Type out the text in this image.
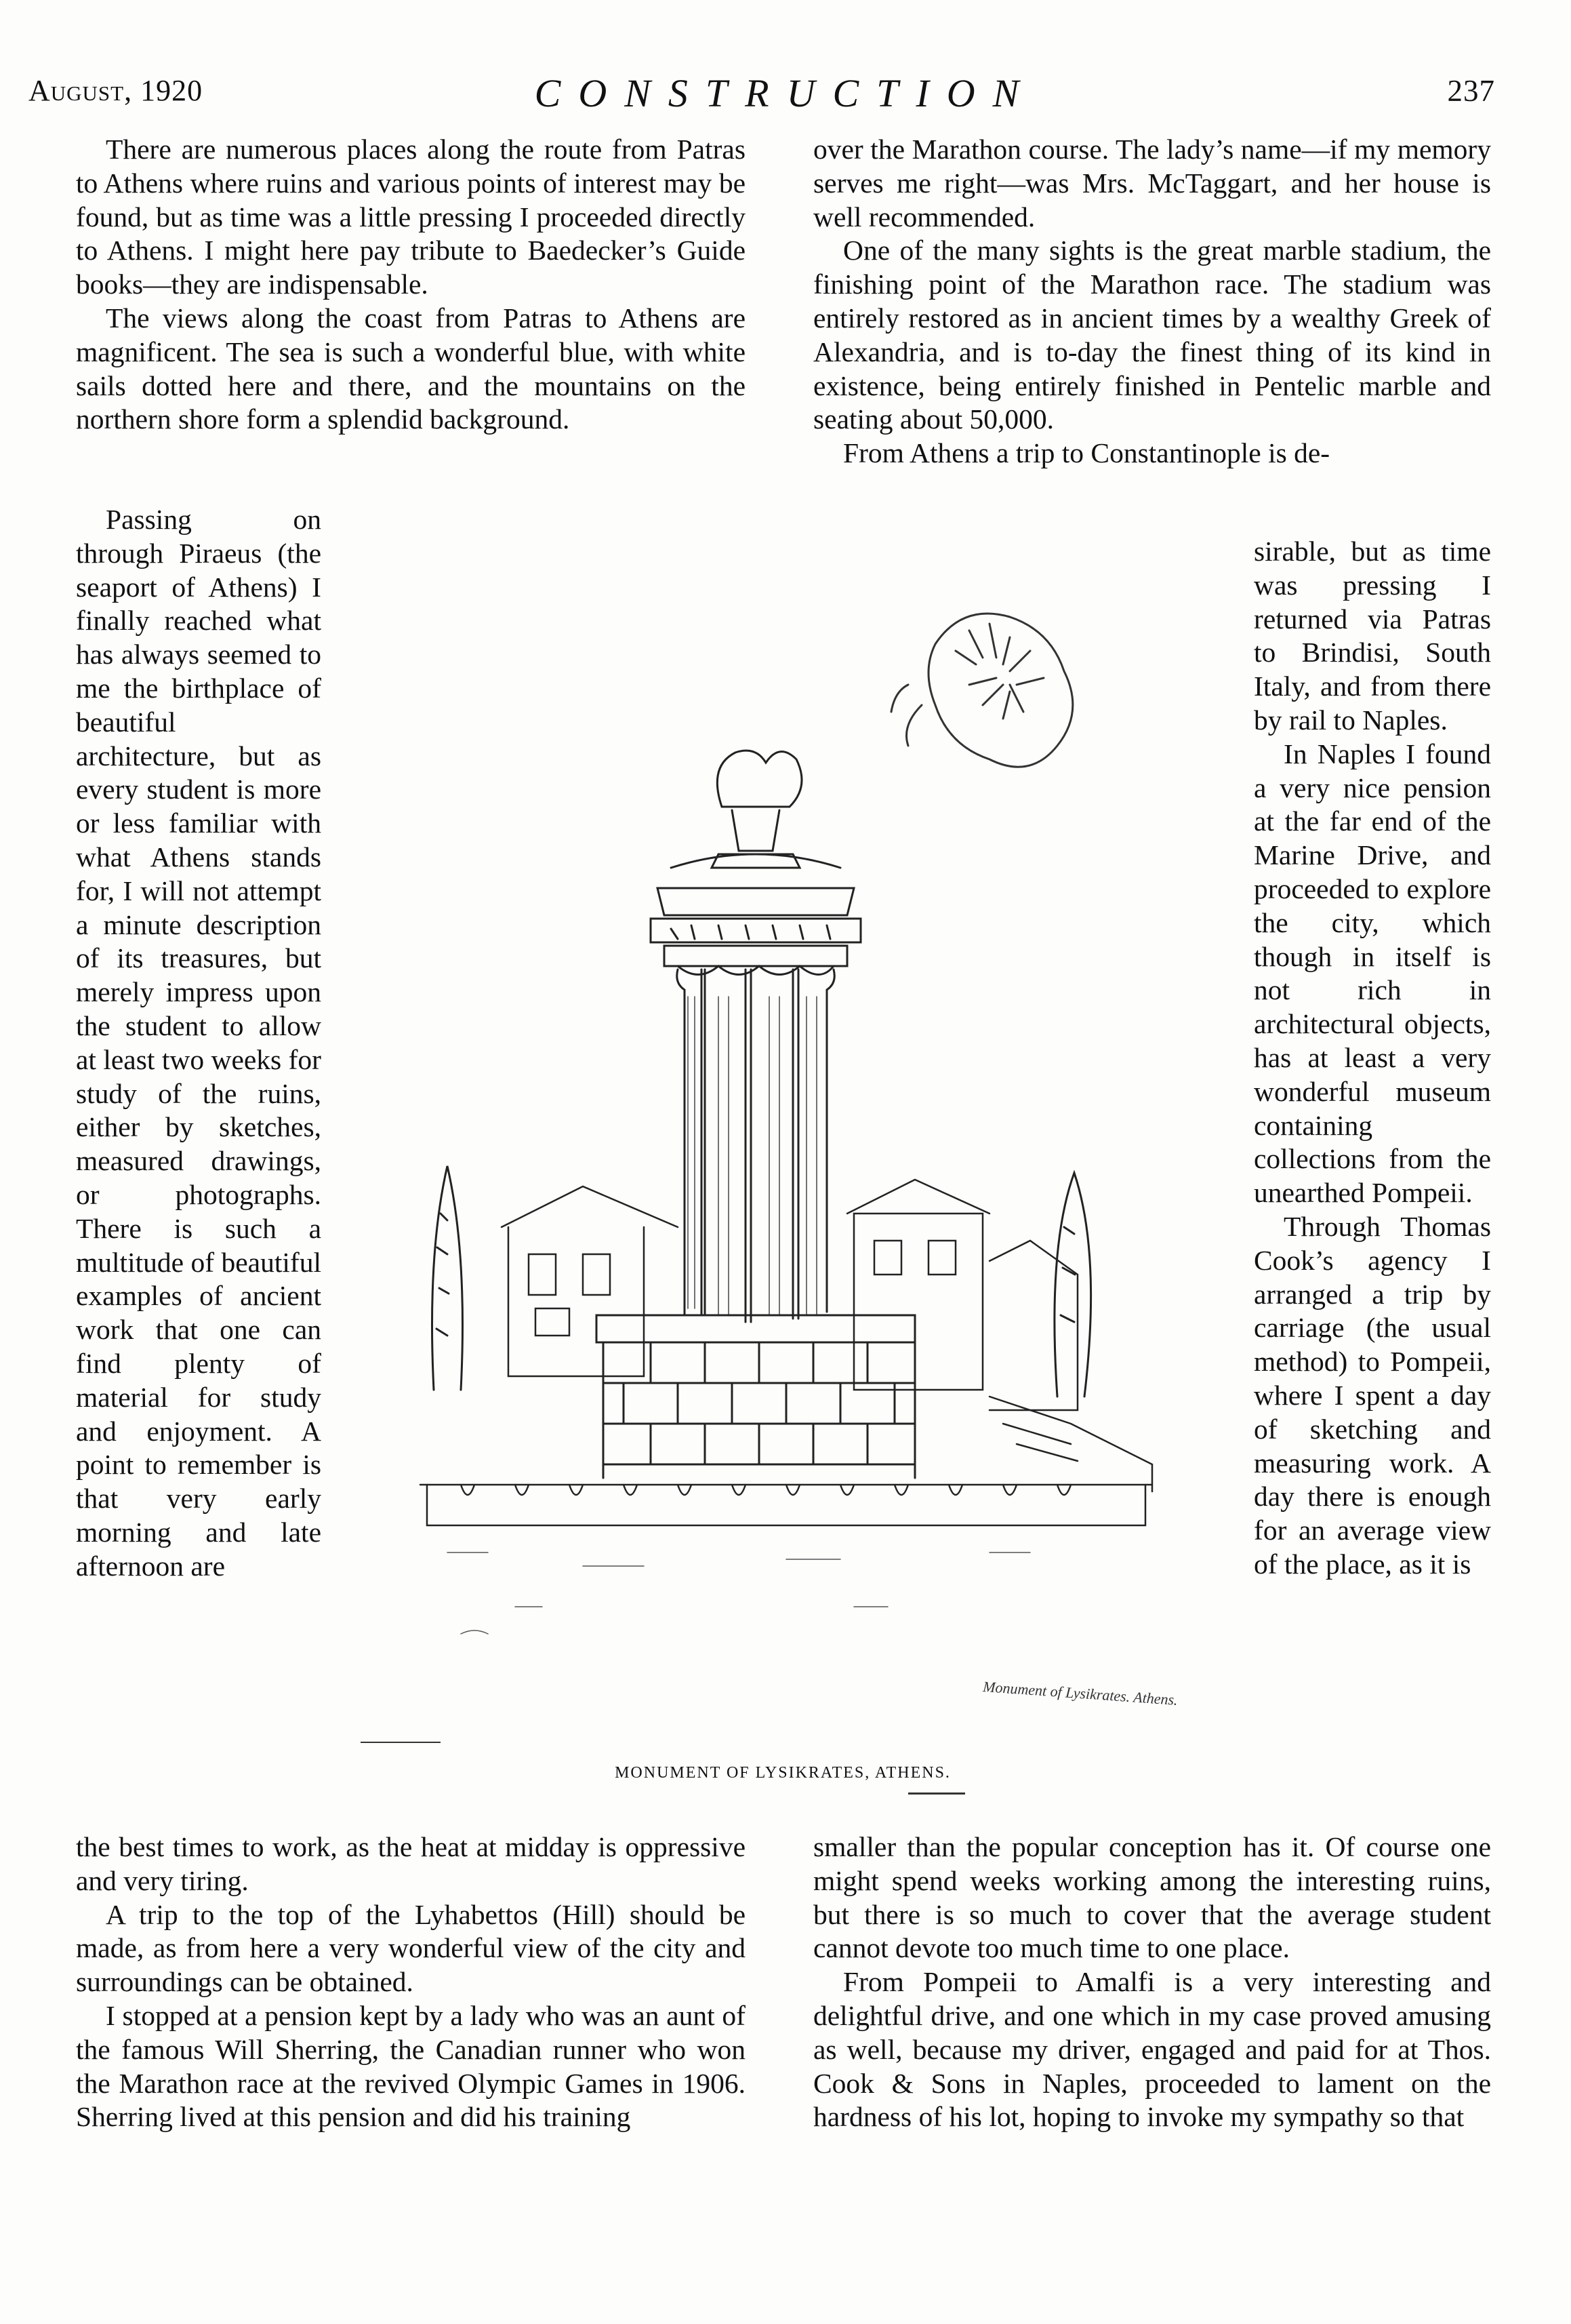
August, 1920	CONSTRUCTION	237

There are numerous places along the route from Patras to Athens where ruins and various points of interest may be found, but as time was a little pressing I proceeded directly to Athens. I might here pay tribute to Baedecker’s Guide books—they are indispensable.

The views along the coast from Patras to Athens are magnificent. The sea is such a wonderful blue, with white sails dotted here and there, and the mountains on the northern shore form a splendid background.

Passing on through Piraeus (the seaport of Athens) I finally reached what has always seemed to me the birthplace of beautiful architecture, but as every student is more or less familiar with what Athens stands for, I will not attempt a minute description of its treasures, but merely impress upon the student to allow at least two weeks for study of the ruins, either by sketches, measured drawings, or photographs. There is such a multitude of beautiful examples of ancient work that one can find plenty of material for study and enjoyment. A point to remember is that very early morning and late afternoon are

the best times to work, as the heat at midday is oppressive and very tiring.

A trip to the top of the Lyhabettos (Hill) should be made, as from here a very wonderful view of the city and surroundings can be obtained.

I stopped at a pension kept by a lady who was an aunt of the famous Will Sherring, the Canadian runner who won the Marathon race at the revived Olympic Games in 1906. Sherring lived at this pension and did his training

over the Marathon course. The lady’s name—if my memory serves me right—was Mrs. McTaggart, and her house is well recommended.

One of the many sights is the great marble stadium, the finishing point of the Marathon race. The stadium was entirely restored as in ancient times by a wealthy Greek of Alexandria, and is to-day the finest thing of its kind in existence, being entirely finished in Pentelic marble and seating about 50,000.

From Athens a trip to Constantinople is de-

sirable, but as time was pressing I returned via Patras to Brindisi, South Italy, and from there by rail to Naples.

In Naples I found a very nice pension at the far end of the Marine Drive, and proceeded to explore the city, which though in itself is not rich in architectural objects, has at least a very wonderful museum containing collections from the unearthed Pompeii.

Through Thomas Cook’s agency I arranged a trip by carriage (the usual method) to Pompeii, where I spent a day of sketching and measuring work. A day there is enough for an average view of the place, as it is

smaller than the popular conception has it. Of course one might spend weeks working among the interesting ruins, but there is so much to cover that the average student cannot devote too much time to one place.

From Pompeii to Amalfi is a very interesting and delightful drive, and one which in my case proved amusing as well, because my driver, engaged and paid for at Thos. Cook & Sons in Naples, proceeded to lament on the hardness of his lot, hoping to invoke my sympathy so that

Monument of Lysikrates. Athens.
MONUMENT OF LYSIKRATES, ATHENS.
